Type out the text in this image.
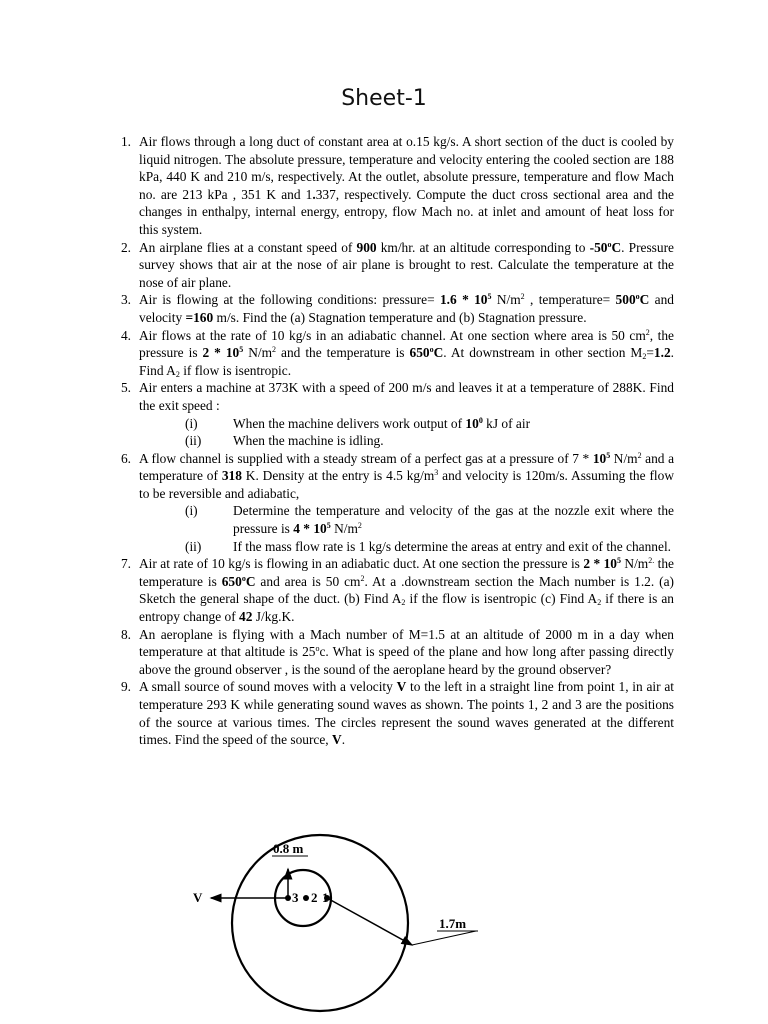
Sheet-1
Air flows through a long duct of constant area at o.15 kg/s. A short section of the duct is cooled by liquid nitrogen. The absolute pressure, temperature and velocity entering the cooled section are 188 kPa, 440 K and 210 m/s, respectively. At the outlet, absolute pressure, temperature and flow Mach no. are 213 kPa , 351 K and 1.337, respectively. Compute the duct cross sectional area and the changes in enthalpy, internal energy, entropy, flow Mach no. at inlet and amount of heat loss for this system.
An airplane flies at a constant speed of 900 km/hr. at an altitude corresponding to -50$^o$C. Pressure survey shows that air at the nose of air plane is brought to rest. Calculate the temperature at the nose of air plane.
Air is flowing at the following conditions: pressure= $1.6 * 10^5$ $N/m^2$ , temperature= $500^oC$ and velocity =160 m/s. Find the (a) Stagnation temperature and (b) Stagnation pressure.
Air flows at the rate of 10 kg/s in an adiabatic channel. At one section where area is 50 $cm^2$, the pressure is $2 * 10^5$ $N/m^2$ and the temperature is 650$^o$C. At downstream in other section $M_2=1.2$. Find $A_2$ if flow is isentropic.
Air enters a machine at 373K with a speed of 200 m/s and leaves it at a temperature of 288K. Find the exit speed :
(i)	When the machine delivers work output of $10^0$ kJ of air
(ii)	When the machine is idling.
A flow channel is supplied with a steady stream of a perfect gas at a pressure of $7 * 10^5$ $N/m^2$ and a temperature of 318 K. Density at the entry is 4.5 $kg/m^3$ and velocity is 120m/s. Assuming the flow to be reversible and adiabatic,
(i)	Determine the temperature and velocity of the gas at the nozzle exit where the pressure is $4 * 10^5$ $N/m^2$
(ii)	If the mass flow rate is 1 kg/s determine the areas at entry and exit of the channel.
Air at rate of 10 kg/s is flowing in an adiabatic duct. At one section the pressure is $2 * 10^5$ $N/m^{2.}$ the temperature is 650$^o$C and area is 50 $cm^2$. At a .downstream section the Mach number is 1.2. (a) Sketch the general shape of the duct. (b) Find $A_2$ if the flow is isentropic (c) Find $A_2$ if there is an entropy change of 42 J/kg.K.
An aeroplane is flying with a Mach number of M=1.5 at an altitude of 2000 m in a day when temperature at that altitude is 25$^o$c. What is speed of the plane and how long after passing directly above the ground observer , is the sound of the aeroplane heard by the ground observer?
A small source of sound moves with a velocity V to the left in a straight line from point 1, in air at temperature 293 K while generating sound waves as shown. The points 1, 2 and 3 are the positions of the source at various times. The circles represent the sound waves generated at the different times. Find the speed of the source, V.
V
0.8 m
3 2 1
1.7m
